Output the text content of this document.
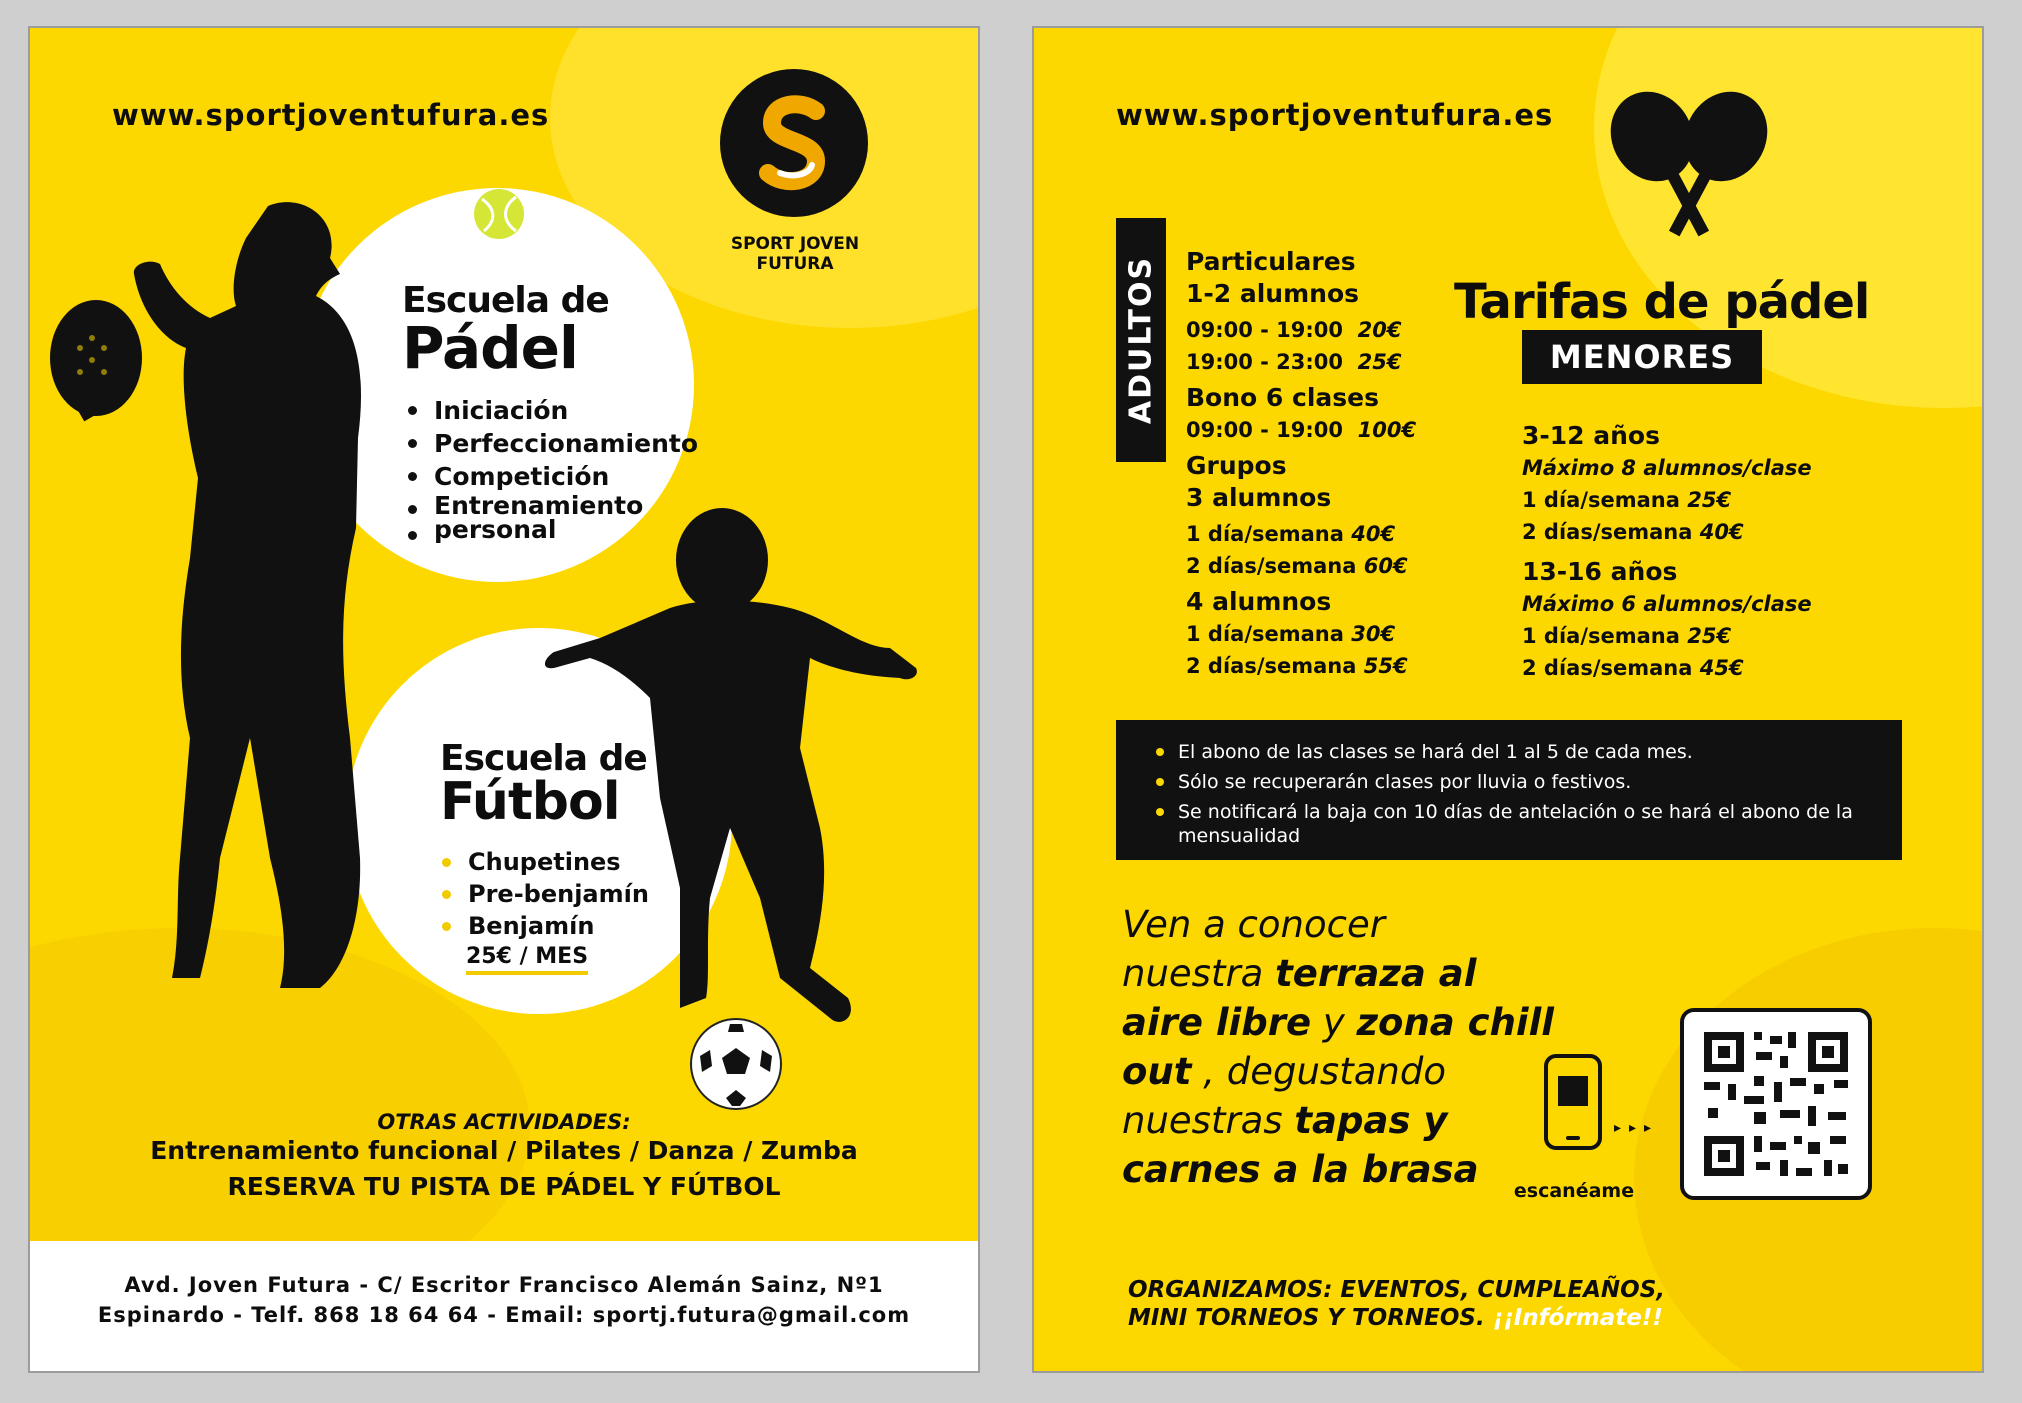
www.sportjoventufura.es
SPORT JOVEN FUTURA
Escuela de
Pádel
Iniciación
Perfeccionamiento
Competición
Entrenamiento
personal
Escuela de
Fútbol
Chupetines
Pre-benjamín
Benjamín
25€ / MES
OTRAS ACTIVIDADES:
Entrenamiento funcional / Pilates / Danza / Zumba
RESERVA TU PISTA DE PÁDEL Y FÚTBOL
Avd. Joven Futura - C/ Escritor Francisco Alemán Sainz, Nº1
Espinardo - Telf. 868 18 64 64 - Email: sportj.futura@gmail.com
www.sportjoventufura.es
Tarifas de pádel
ADULTOS Particulares
1-2 alumnos
09:00 - 19:00 20€
19:00 - 23:00 25€
Bono 6 clases
09:00 - 19:00 100€
Grupos
3 alumnos
1 día/semana 40€
2 días/semana 60€
4 alumnos
1 día/semana 30€
2 días/semana 55€
MENORES
3-12 años
Máximo 8 alumnos/clase
1 día/semana 25€
2 días/semana 40€
13-16 años
Máximo 6 alumnos/clase
1 día/semana 25€
2 días/semana 45€
El abono de las clases se hará del 1 al 5 de cada mes.
Sólo se recuperarán clases por lluvia o festivos.
Se notificará la baja con 10 días de antelación o se hará el abono de la mensualidad
Ven a conocer
nuestra terraza al
aire libre y zona chill
out , degustando
nuestras tapas y
carnes a la brasa
▸▸▸
escanéame
ORGANIZAMOS: EVENTOS, CUMPLEAÑOS,
MINI TORNEOS Y TORNEOS. ¡¡Infórmate!!
